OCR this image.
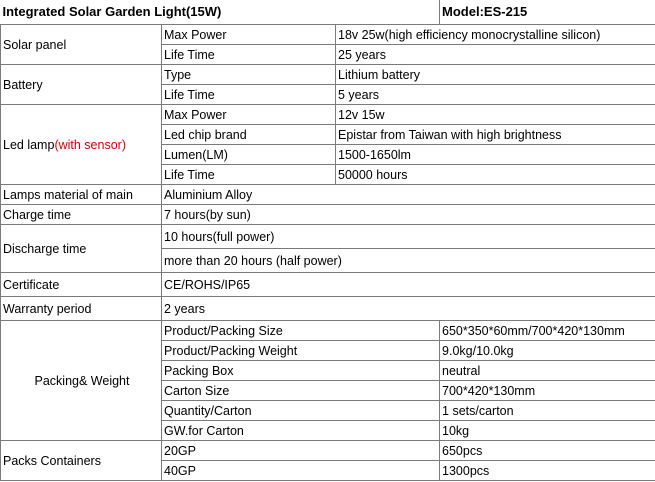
Integrated Solar Garden Light(15W)			Model:ES-215
Solar panel	Max Power	18v 25w(high efficiency monocrystalline silicon)	
	Life Time	25 years	
Battery	Type	Lithium battery	
	Life Time	5 years	
Led lamp(with sensor)	Max Power	12v 15w	
	Led chip brand	Epistar from Taiwan with high brightness	
	Lumen(LM)	1500-1650lm	
	Life Time	50000 hours	
Lamps material of main	Aluminium Alloy		
Charge time	7 hours(by sun)		
Discharge time	10 hours(full power)		
	more than 20 hours (half power)		
Certificate	CE/ROHS/IP65		
Warranty period	2 years		
Packing& Weight	Product/Packing Size		650*350*60mm/700*420*130mm
	Product/Packing Weight		9.0kg/10.0kg
	Packing Box		neutral
	Carton Size		700*420*130mm
	Quantity/Carton		1 sets/carton
	GW.for Carton		10kg
Packs Containers	20GP		650pcs
	40GP		1300pcs
